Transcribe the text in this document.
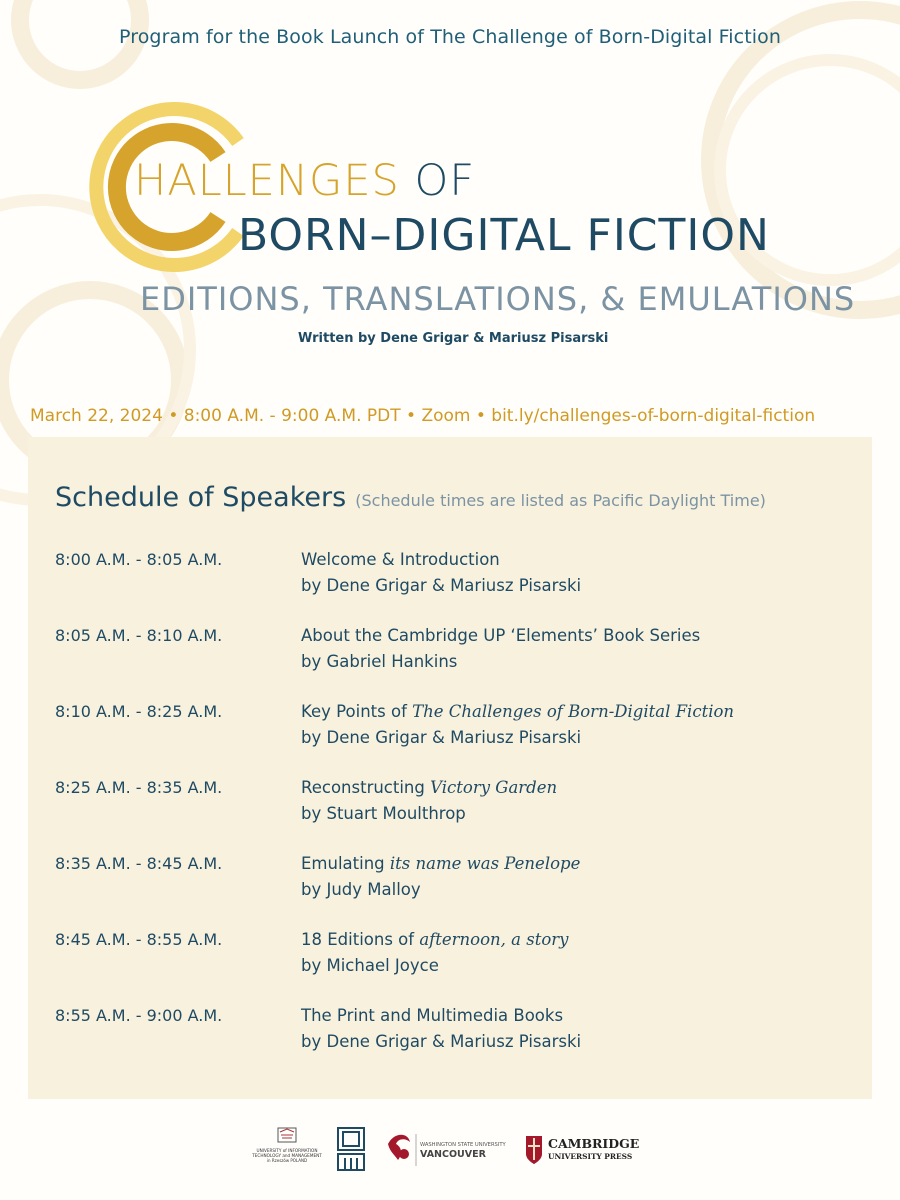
Program for the Book Launch of The Challenge of Born-Digital Fiction
HALLENGES OF
BORN–DIGITAL FICTION
EDITIONS, TRANSLATIONS, & EMULATIONS
Written by Dene Grigar & Mariusz Pisarski
March 22, 2024 • 8:00 A.M. - 9:00 A.M. PDT • Zoom • bit.ly/challenges-of-born-digital-fiction
Schedule of Speakers (Schedule times are listed as Pacific Daylight Time)
8:00 A.M. - 8:05 A.M.	Welcome & Introduction
by Dene Grigar & Mariusz Pisarski
8:05 A.M. - 8:10 A.M.	About the Cambridge UP ‘Elements’ Book Series
by Gabriel Hankins
8:10 A.M. - 8:25 A.M.	Key Points of The Challenges of Born-Digital Fiction
by Dene Grigar & Mariusz Pisarski
8:25 A.M. - 8:35 A.M.	Reconstructing Victory Garden
by Stuart Moulthrop
8:35 A.M. - 8:45 A.M.	Emulating its name was Penelope
by Judy Malloy
8:45 A.M. - 8:55 A.M.	18 Editions of afternoon, a story
by Michael Joyce
8:55 A.M. - 9:00 A.M.	The Print and Multimedia Books
by Dene Grigar & Mariusz Pisarski
UNIVERSITY of INFORMATION
TECHNOLOGY and MANAGEMENT
in Rzeszów POLAND
WASHINGTON STATE UNIVERSITY
VANCOUVER
CAMBRIDGE
UNIVERSITY PRESS
